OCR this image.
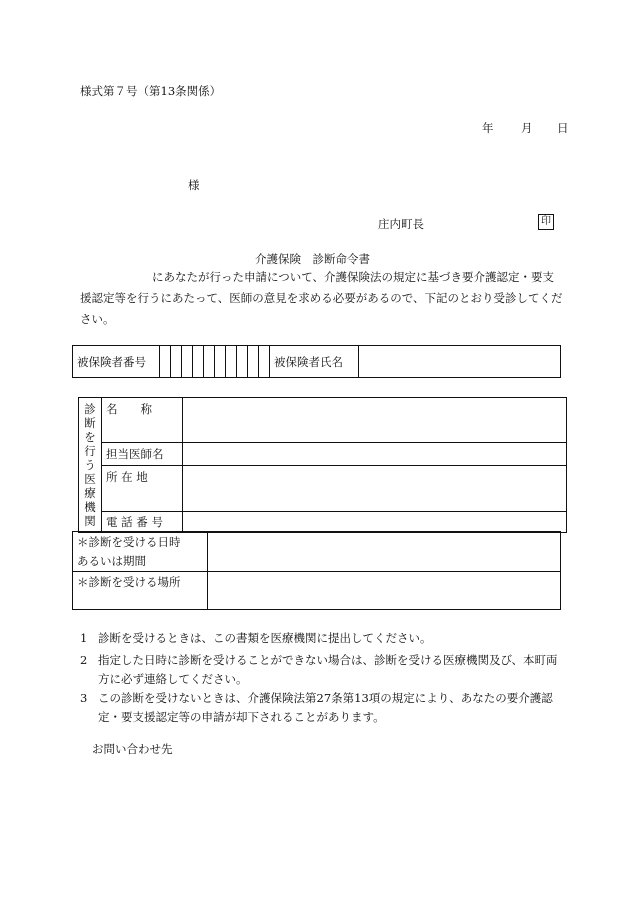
様式第７号（第13条関係）
年 月 日
様
庄内町長	印
介護保険　診断命令書
にあなたが行った申請について、介護保険法の規定に基づき要介護認定・要支援認定等を行うにあたって、医師の意見を求める必要があるので、下記のとおり受診してください。
被保険者番号											被保険者氏名	
診断を行う医療機関	名　　称	
	担当医師名	
	所 在 地	
	電 話 番 号	
＊診断を受ける日時
あるいは期間	

＊診断を受ける場所	
1 診断を受けるときは、この書類を医療機関に提出してください。
2 指定した日時に診断を受けることができない場合は、診断を受ける医療機関及び、本町両方に必ず連絡してください。
3 この診断を受けないときは、介護保険法第27条第13項の規定により、あなたの要介護認定・要支援認定等の申請が却下されることがあります。
お問い合わせ先
